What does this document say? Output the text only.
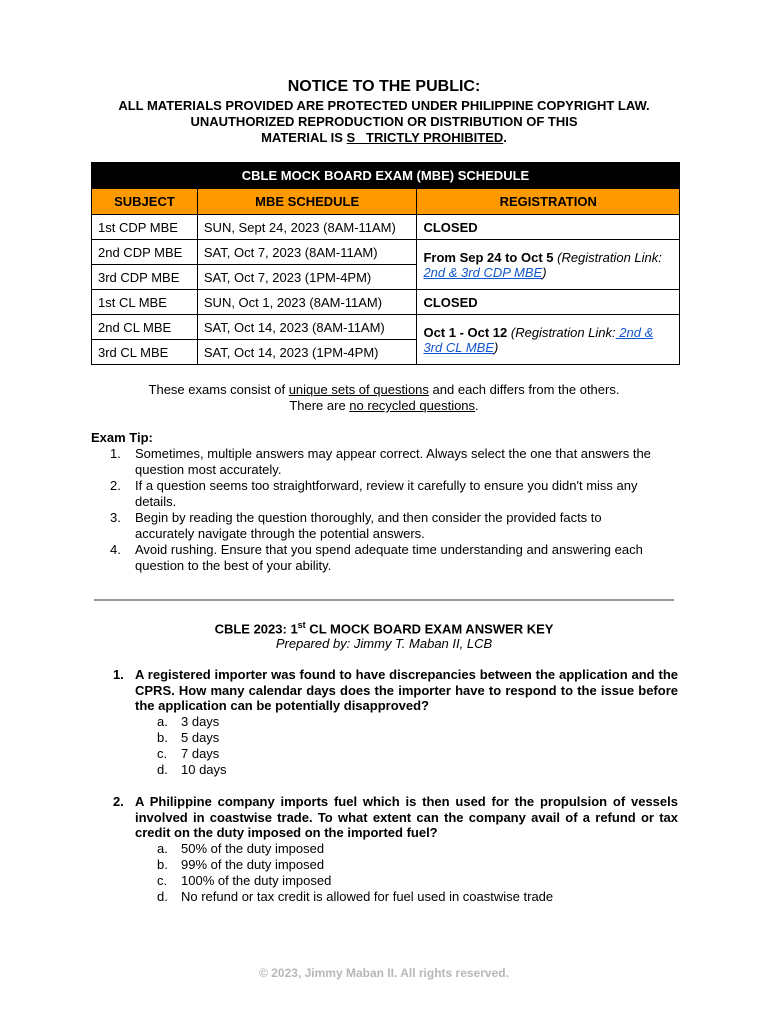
NOTICE TO THE PUBLIC:
ALL MATERIALS PROVIDED ARE PROTECTED UNDER PHILIPPINE COPYRIGHT LAW.
UNAUTHORIZED REPRODUCTION OR DISTRIBUTION OF THIS
MATERIAL IS S   TRICTLY PROHIBITED.
CBLE MOCK BOARD EXAM (MBE) SCHEDULE		
SUBJECT	MBE SCHEDULE	REGISTRATION
1st CDP MBE	SUN, Sept 24, 2023 (8AM-11AM)	CLOSED
2nd CDP MBE	SAT, Oct 7, 2023 (8AM-11AM)	From Sep 24 to Oct 5 (Registration Link: 2nd & 3rd CDP MBE)
3rd CDP MBE	SAT, Oct 7, 2023 (1PM-4PM)	
1st CL MBE	SUN, Oct 1, 2023 (8AM-11AM)	CLOSED
2nd CL MBE	SAT, Oct 14, 2023 (8AM-11AM)	Oct 1 - Oct 12 (Registration Link: 2nd & 3rd CL MBE)
3rd CL MBE	SAT, Oct 14, 2023 (1PM-4PM)	
These exams consist of unique sets of questions and each differs from the others.
There are no recycled questions.
Exam Tip:
1. Sometimes, multiple answers may appear correct. Always select the one that answers the question most accurately.
2. If a question seems too straightforward, review it carefully to ensure you didn't miss any details.
3. Begin by reading the question thoroughly, and then consider the provided facts to accurately navigate through the potential answers.
4. Avoid rushing. Ensure that you spend adequate time understanding and answering each question to the best of your ability.
CBLE 2023: 1st CL MOCK BOARD EXAM ANSWER KEY
Prepared by: Jimmy T. Maban II, LCB
1. A registered importer was found to have discrepancies between the application and the CPRS. How many calendar days does the importer have to respond to the issue before the application can be potentially disapproved?
a. 3 days
b. 5 days
c. 7 days
d. 10 days
2. A Philippine company imports fuel which is then used for the propulsion of vessels involved in coastwise trade. To what extent can the company avail of a refund or tax credit on the duty imposed on the imported fuel?
a. 50% of the duty imposed
b. 99% of the duty imposed
c. 100% of the duty imposed
d. No refund or tax credit is allowed for fuel used in coastwise trade
© 2023, Jimmy Maban II. All rights reserved.
